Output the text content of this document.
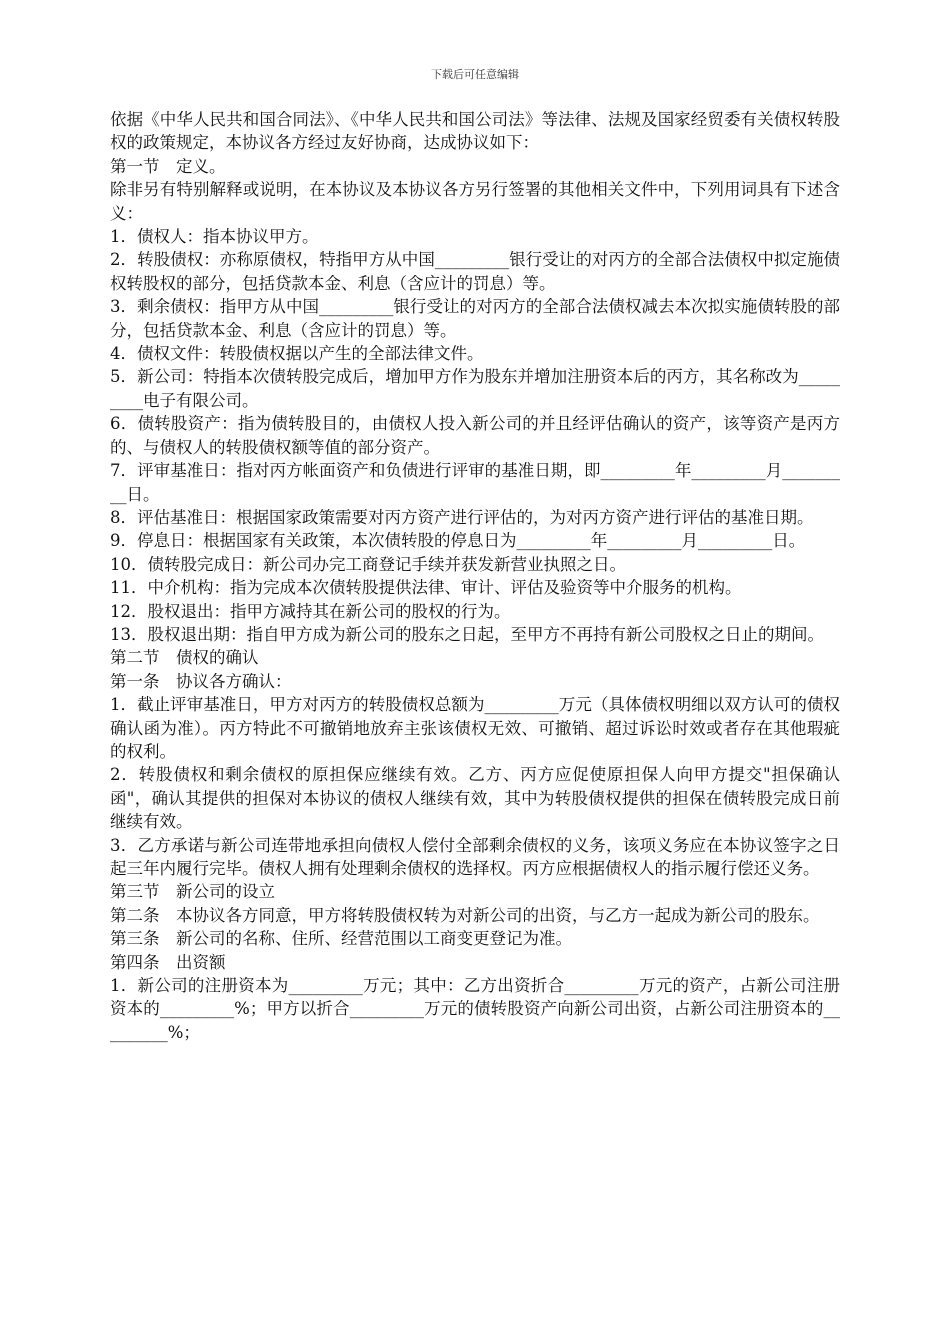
下载后可任意编辑

依据《中华人民共和国合同法》、《中华人民共和国公司法》等法律、法规及国家经贸委有关债权转股权的政策规定，本协议各方经过友好协商，达成协议如下：

第一节　定义。

除非另有特别解释或说明，在本协议及本协议各方另行签署的其他相关文件中，下列用词具有下述含义：

1．债权人：指本协议甲方。

2．转股债权：亦称原债权，特指甲方从中国_________银行受让的对丙方的全部合法债权中拟定施债权转股权的部分，包括贷款本金、利息（含应计的罚息）等。

3．剩余债权：指甲方从中国_________银行受让的对丙方的全部合法债权减去本次拟实施债转股的部分，包括贷款本金、利息（含应计的罚息）等。

4．债权文件：转股债权据以产生的全部法律文件。

5．新公司：特指本次债转股完成后，增加甲方作为股东并增加注册资本后的丙方，其名称改为_________电子有限公司。

6．债转股资产：指为债转股目的，由债权人投入新公司的并且经评估确认的资产，该等资产是丙方的、与债权人的转股债权额等值的部分资产。

7．评审基准日：指对丙方帐面资产和负债进行评审的基准日期，即_________年_________月_________日。

8．评估基准日：根据国家政策需要对丙方资产进行评估的，为对丙方资产进行评估的基准日期。

9．停息日：根据国家有关政策，本次债转股的停息日为_________年_________月_________日。

10．债转股完成日：新公司办完工商登记手续并获发新营业执照之日。

11．中介机构：指为完成本次债转股提供法律、审计、评估及验资等中介服务的机构。

12．股权退出：指甲方减持其在新公司的股权的行为。

13．股权退出期：指自甲方成为新公司的股东之日起，至甲方不再持有新公司股权之日止的期间。

第二节　债权的确认

第一条　协议各方确认：

1．截止评审基准日，甲方对丙方的转股债权总额为_________万元（具体债权明细以双方认可的债权确认函为准）。丙方特此不可撤销地放弃主张该债权无效、可撤销、超过诉讼时效或者存在其他瑕疵的权利。

2．转股债权和剩余债权的原担保应继续有效。乙方、丙方应促使原担保人向甲方提交"担保确认函"，确认其提供的担保对本协议的债权人继续有效，其中为转股债权提供的担保在债转股完成日前继续有效。

3．乙方承诺与新公司连带地承担向债权人偿付全部剩余债权的义务，该项义务应在本协议签字之日起三年内履行完毕。债权人拥有处理剩余债权的选择权。丙方应根据债权人的指示履行偿还义务。

第三节　新公司的设立

第二条　本协议各方同意，甲方将转股债权转为对新公司的出资，与乙方一起成为新公司的股东。

第三条　新公司的名称、住所、经营范围以工商变更登记为准。

第四条　出资额

1．新公司的注册资本为_________万元；其中：乙方出资折合_________万元的资产，占新公司注册资本的_________%；甲方以折合_________万元的债转股资产向新公司出资，占新公司注册资本的_________%；
